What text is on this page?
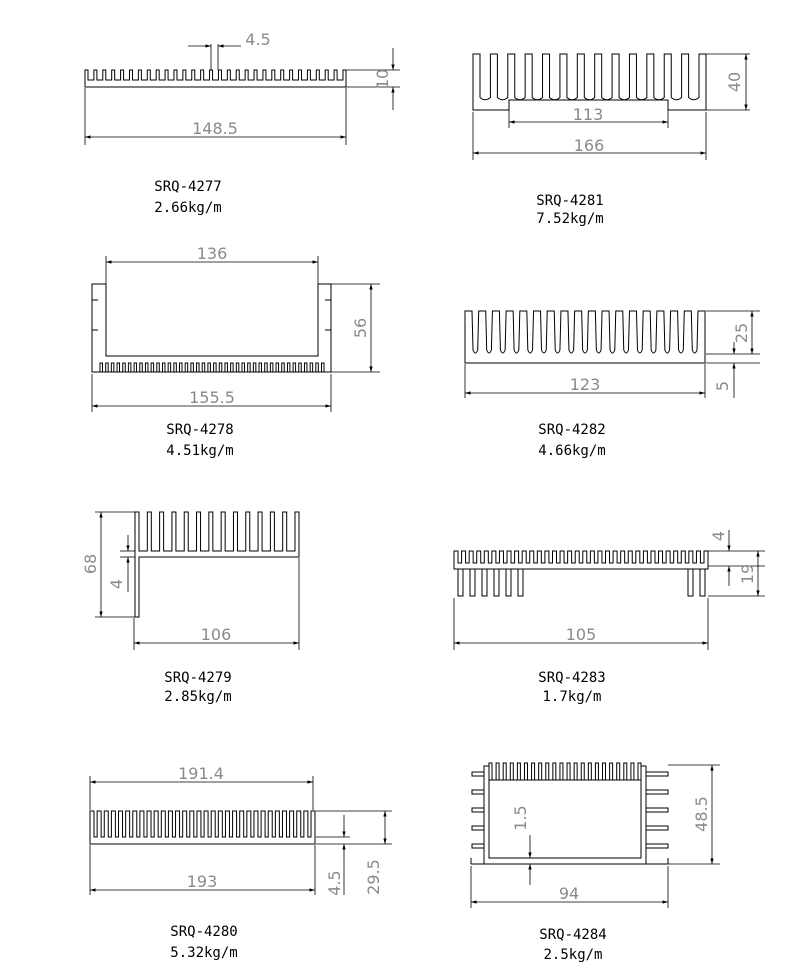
4.5
10
148.5
SRQ-4277
2.66kg/m
40
113
166
SRQ-4281
7.52kg/m
136
56
155.5
SRQ-4278
4.51kg/m
25
5
123
SRQ-4282
4.66kg/m
68
4
106
SRQ-4279
2.85kg/m
4
19
105
SRQ-4283
1.7kg/m
191.4
4.5 29.5
193
SRQ-4280
5.32kg/m
48.5
1.5
94
SRQ-4284
2.5kg/m
